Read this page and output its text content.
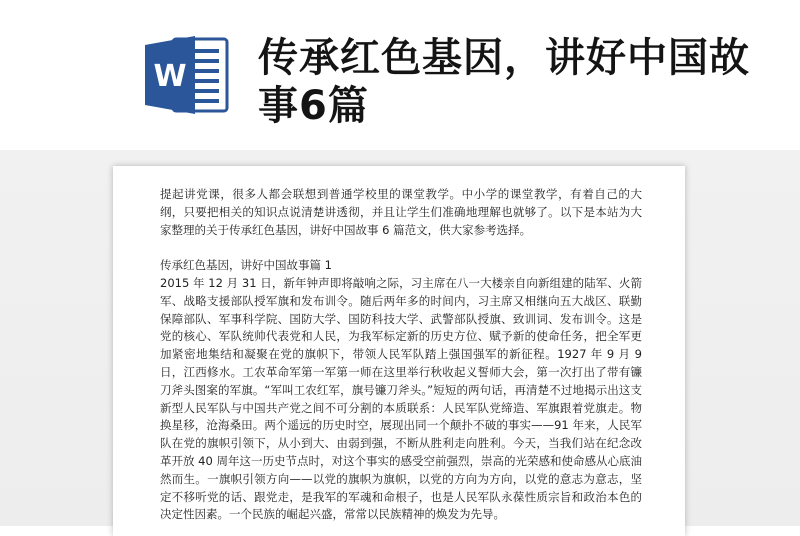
W 传承红色基因，讲好中国故事6篇

提起讲党课，很多人都会联想到普通学校里的课堂教学。中小学的课堂教学，有着自己的大纲，只要把相关的知识点说清楚讲透彻，并且让学生们准确地理解也就够了。以下是本站为大家整理的关于传承红色基因，讲好中国故事 6 篇范文，供大家参考选择。

传承红色基因，讲好中国故事篇 1

2015 年 12 月 31 日，新年钟声即将敲响之际，习主席在八一大楼亲自向新组建的陆军、火箭军、战略支援部队授军旗和发布训令。随后两年多的时间内，习主席又相继向五大战区、联勤保障部队、军事科学院、国防大学、国防科技大学、武警部队授旗、致训词、发布训令。这是党的核心、军队统帅代表党和人民，为我军标定新的历史方位、赋予新的使命任务，把全军更加紧密地集结和凝聚在党的旗帜下，带领人民军队踏上强国强军的新征程。1927 年 9 月 9 日，江西修水。工农革命军第一军第一师在这里举行秋收起义誓师大会，第一次打出了带有镰刀斧头图案的军旗。“军叫工农红军，旗号镰刀斧头。”短短的两句话，再清楚不过地揭示出这支新型人民军队与中国共产党之间不可分割的本质联系：人民军队党缔造、军旗跟着党旗走。物换星移，沧海桑田。两个遥远的历史时空，展现出同一个颠扑不破的事实——91 年来，人民军队在党的旗帜引领下，从小到大、由弱到强，不断从胜利走向胜利。今天，当我们站在纪念改革开放 40 周年这一历史节点时，对这个事实的感受空前强烈，崇高的光荣感和使命感从心底油然而生。一旗帜引领方向——以党的旗帜为旗帜，以党的方向为方向，以党的意志为意志，坚定不移听党的话、跟党走，是我军的军魂和命根子，也是人民军队永葆性质宗旨和政治本色的决定性因素。一个民族的崛起兴盛，常常以民族精神的焕发为先导。
